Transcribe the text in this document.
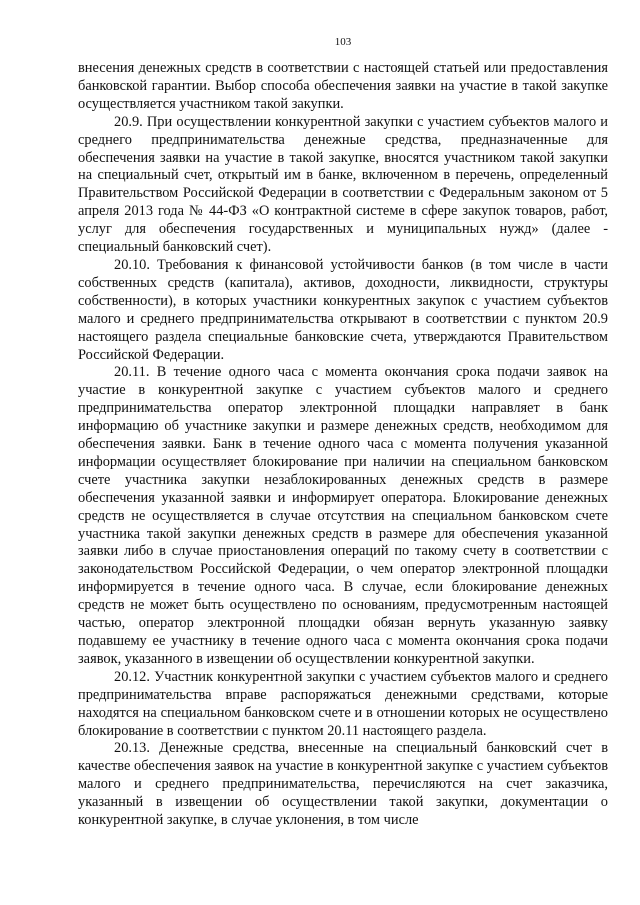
103

внесения денежных средств в соответствии с настоящей статьей или предоставления банковской гарантии. Выбор способа обеспечения заявки на участие в такой закупке осуществляется участником такой закупки.

20.9. При осуществлении конкурентной закупки с участием субъектов малого и среднего предпринимательства денежные средства, предназначенные для обеспечения заявки на участие в такой закупке, вносятся участником такой закупки на специальный счет, открытый им в банке, включенном в перечень, определенный Правительством Российской Федерации в соответствии с Федеральным законом от 5 апреля 2013 года № 44-ФЗ «О контрактной системе в сфере закупок товаров, работ, услуг для обеспечения государственных и муниципальных нужд» (далее - специальный банковский счет).

20.10. Требования к финансовой устойчивости банков (в том числе в части собственных средств (капитала), активов, доходности, ликвидности, структуры собственности), в которых участники конкурентных закупок с участием субъектов малого и среднего предпринимательства открывают в соответствии с пунктом 20.9 настоящего раздела специальные банковские счета, утверждаются Правительством Российской Федерации.

20.11. В течение одного часа с момента окончания срока подачи заявок на участие в конкурентной закупке с участием субъектов малого и среднего предпринимательства оператор электронной площадки направляет в банк информацию об участнике закупки и размере денежных средств, необходимом для обеспечения заявки. Банк в течение одного часа с момента получения указанной информации осуществляет блокирование при наличии на специальном банковском счете участника закупки незаблокированных денежных средств в размере обеспечения указанной заявки и информирует оператора. Блокирование денежных средств не осуществляется в случае отсутствия на специальном банковском счете участника такой закупки денежных средств в размере для обеспечения указанной заявки либо в случае приостановления операций по такому счету в соответствии с законодательством Российской Федерации, о чем оператор электронной площадки информируется в течение одного часа. В случае, если блокирование денежных средств не может быть осуществлено по основаниям, предусмотренным настоящей частью, оператор электронной площадки обязан вернуть указанную заявку подавшему ее участнику в течение одного часа с момента окончания срока подачи заявок, указанного в извещении об осуществлении конкурентной закупки.

20.12. Участник конкурентной закупки с участием субъектов малого и среднего предпринимательства вправе распоряжаться денежными средствами, которые находятся на специальном банковском счете и в отношении которых не осуществлено блокирование в соответствии с пунктом 20.11 настоящего раздела.

20.13. Денежные средства, внесенные на специальный банковский счет в качестве обеспечения заявок на участие в конкурентной закупке с участием субъектов малого и среднего предпринимательства, перечисляются на счет заказчика, указанный в извещении об осуществлении такой закупки, документации о конкурентной закупке, в случае уклонения, в том числе
